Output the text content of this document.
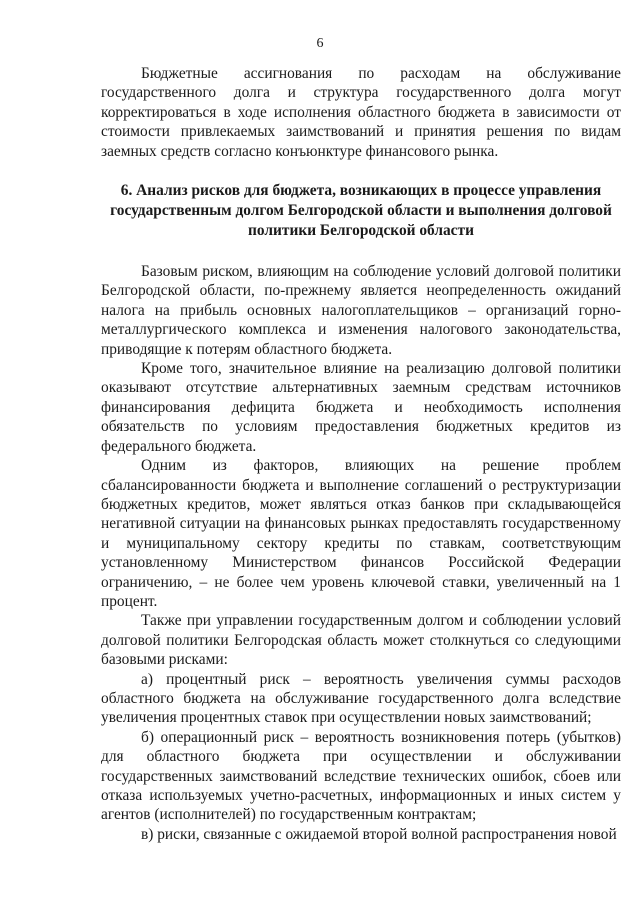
6

Бюджетные ассигнования по расходам на обслуживание государственного долга и структура государственного долга могут корректироваться в ходе исполнения областного бюджета в зависимости от стоимости привлекаемых заимствований и принятия решения по видам заемных средств согласно конъюнктуре финансового рынка.

6. Анализ рисков для бюджета, возникающих в процессе управления государственным долгом Белгородской области и выполнения долговой политики Белгородской области

Базовым риском, влияющим на соблюдение условий долговой политики Белгородской области, по-прежнему является неопределенность ожиданий налога на прибыль основных налогоплательщиков – организаций горно-металлургического комплекса и изменения налогового законодательства, приводящие к потерям областного бюджета.

Кроме того, значительное влияние на реализацию долговой политики оказывают отсутствие альтернативных заемным средствам источников финансирования дефицита бюджета и необходимость исполнения обязательств по условиям предоставления бюджетных кредитов из федерального бюджета.

Одним из факторов, влияющих на решение проблем сбалансированности бюджета и выполнение соглашений о реструктуризации бюджетных кредитов, может являться отказ банков при складывающейся негативной ситуации на финансовых рынках предоставлять государственному и муниципальному сектору кредиты по ставкам, соответствующим установленному Министерством финансов Российской Федерации ограничению, – не более чем уровень ключевой ставки, увеличенный на 1 процент.

Также при управлении государственным долгом и соблюдении условий долговой политики Белгородская область может столкнуться со следующими базовыми рисками:

а) процентный риск – вероятность увеличения суммы расходов областного бюджета на обслуживание государственного долга вследствие увеличения процентных ставок при осуществлении новых заимствований;

б) операционный риск – вероятность возникновения потерь (убытков) для областного бюджета при осуществлении и обслуживании государственных заимствований вследствие технических ошибок, сбоев или отказа используемых учетно-расчетных, информационных и иных систем у агентов (исполнителей) по государственным контрактам;

в) риски, связанные с ожидаемой второй волной распространения новой
